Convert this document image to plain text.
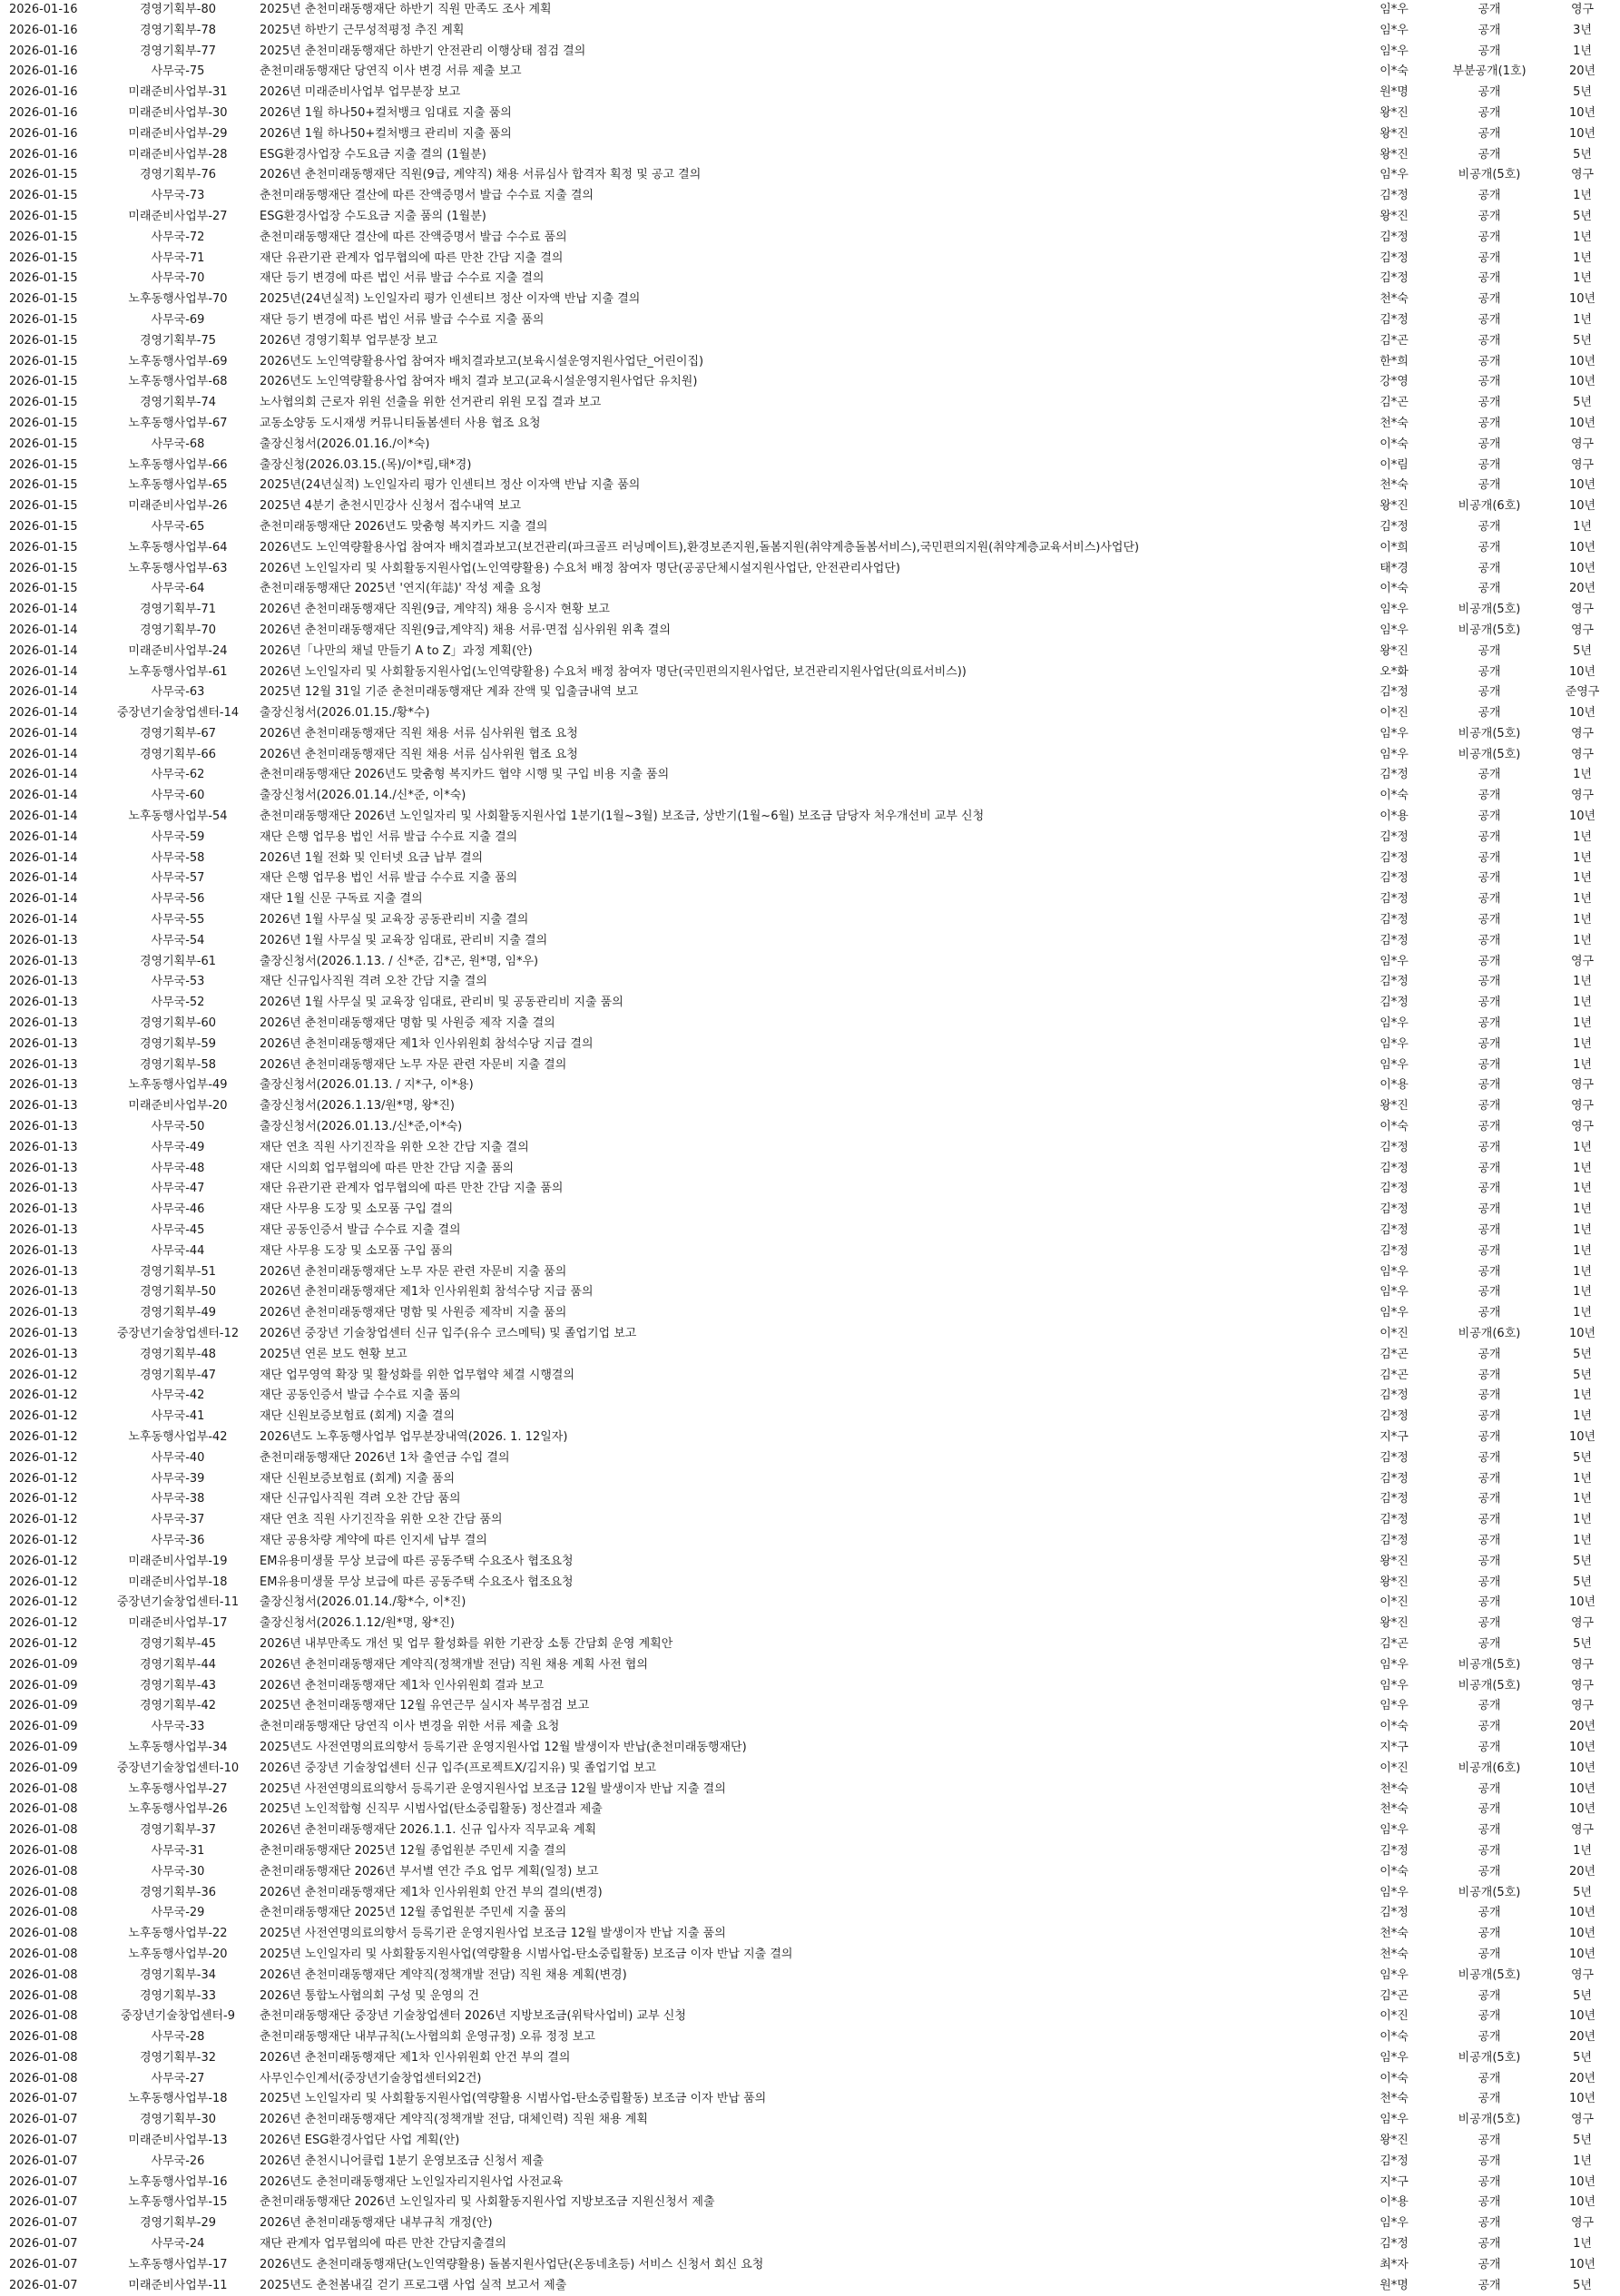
2026-01-16	경영기획부-80	2025년 춘천미래동행재단 하반기 직원 만족도 조사 계획	임*우	공개	영구
2026-01-16	경영기획부-78	2025년 하반기 근무성적평정 추진 계획	임*우	공개	3년
2026-01-16	경영기획부-77	2025년 춘천미래동행재단 하반기 안전관리 이행상태 점검 결의	임*우	공개	1년
2026-01-16	사무국-75	춘천미래동행재단 당연직 이사 변경 서류 제출 보고	이*숙	부분공개(1호)	20년
2026-01-16	미래준비사업부-31	2026년 미래준비사업부 업무분장 보고	원*명	공개	5년
2026-01-16	미래준비사업부-30	2026년 1월 하나50+컬처뱅크 임대료 지출 품의	왕*진	공개	10년
2026-01-16	미래준비사업부-29	2026년 1월 하나50+컬처뱅크 관리비 지출 품의	왕*진	공개	10년
2026-01-16	미래준비사업부-28	ESG환경사업장 수도요금 지출 결의 (1월분)	왕*진	공개	5년
2026-01-15	경영기획부-76	2026년 춘천미래동행재단 직원(9급, 계약직) 채용 서류심사 합격자 획정 및 공고 결의	임*우	비공개(5호)	영구
2026-01-15	사무국-73	춘천미래동행재단 결산에 따른 잔액증명서 발급 수수료 지출 결의	김*정	공개	1년
2026-01-15	미래준비사업부-27	ESG환경사업장 수도요금 지출 품의 (1월분)	왕*진	공개	5년
2026-01-15	사무국-72	춘천미래동행재단 결산에 따른 잔액증명서 발급 수수료 품의	김*정	공개	1년
2026-01-15	사무국-71	재단 유관기관 관계자 업무협의에 따른 만찬 간담 지출 결의	김*정	공개	1년
2026-01-15	사무국-70	재단 등기 변경에 따른 법인 서류 발급 수수료 지출 결의	김*정	공개	1년
2026-01-15	노후동행사업부-70	2025년(24년실적) 노인일자리 평가 인센티브 정산 이자액 반납 지출 결의	천*숙	공개	10년
2026-01-15	사무국-69	재단 등기 변경에 따른 법인 서류 발급 수수료 지출 품의	김*정	공개	1년
2026-01-15	경영기획부-75	2026년 경영기획부 업무분장 보고	김*곤	공개	5년
2026-01-15	노후동행사업부-69	2026년도 노인역량활용사업 참여자 배치결과보고(보육시설운영지원사업단_어린이집)	한*희	공개	10년
2026-01-15	노후동행사업부-68	2026년도 노인역량활용사업 참여자 배치 결과 보고(교육시설운영지원사업단 유치원)	강*영	공개	10년
2026-01-15	경영기획부-74	노사협의회 근로자 위원 선출을 위한 선거관리 위원 모집 결과 보고	김*곤	공개	5년
2026-01-15	노후동행사업부-67	교동소양동 도시재생 커뮤니티돌봄센터 사용 협조 요청	천*숙	공개	10년
2026-01-15	사무국-68	출장신청서(2026.01.16./이*숙)	이*숙	공개	영구
2026-01-15	노후동행사업부-66	출장신청(2026.03.15.(목)/이*림,태*경)	이*림	공개	영구
2026-01-15	노후동행사업부-65	2025년(24년실적) 노인일자리 평가 인센티브 정산 이자액 반납 지출 품의	천*숙	공개	10년
2026-01-15	미래준비사업부-26	2025년 4분기 춘천시민강사 신청서 접수내역 보고	왕*진	비공개(6호)	10년
2026-01-15	사무국-65	춘천미래동행재단 2026년도 맞춤형 복지카드 지출 결의	김*정	공개	1년
2026-01-15	노후동행사업부-64	2026년도 노인역량활용사업 참여자 배치결과보고(보건관리(파크골프 러닝메이트),환경보존지원,돌봄지원(취약계층돌봄서비스),국민편의지원(취약계층교육서비스)사업단)	이*희	공개	10년
2026-01-15	노후동행사업부-63	2026년 노인일자리 및 사회활동지원사업(노인역량활용) 수요처 배정 참여자 명단(공공단체시설지원사업단, 안전관리사업단)	태*경	공개	10년
2026-01-15	사무국-64	춘천미래동행재단 2025년 '연지(年誌)' 작성 제출 요청	이*숙	공개	20년
2026-01-14	경영기획부-71	2026년 춘천미래동행재단 직원(9급, 계약직) 채용 응시자 현황 보고	임*우	비공개(5호)	영구
2026-01-14	경영기획부-70	2026년 춘천미래동행재단 직원(9급,계약직) 채용 서류·면접 심사위원 위촉 결의	임*우	비공개(5호)	영구
2026-01-14	미래준비사업부-24	2026년「나만의 채널 만들기 A to Z」과정 계획(안)	왕*진	공개	5년
2026-01-14	노후동행사업부-61	2026년 노인일자리 및 사회활동지원사업(노인역량활용) 수요처 배정 참여자 명단(국민편의지원사업단, 보건관리지원사업단(의료서비스))	오*화	공개	10년
2026-01-14	사무국-63	2025년 12월 31일 기준 춘천미래동행재단 계좌 잔액 및 입출금내역 보고	김*정	공개	준영구
2026-01-14	중장년기술창업센터-14	출장신청서(2026.01.15./황*수)	이*진	공개	10년
2026-01-14	경영기획부-67	2026년 춘천미래동행재단 직원 채용 서류 심사위원 협조 요청	임*우	비공개(5호)	영구
2026-01-14	경영기획부-66	2026년 춘천미래동행재단 직원 채용 서류 심사위원 협조 요청	임*우	비공개(5호)	영구
2026-01-14	사무국-62	춘천미래동행재단 2026년도 맞춤형 복지카드 협약 시행 및 구입 비용 지출 품의	김*정	공개	1년
2026-01-14	사무국-60	출장신청서(2026.01.14./신*준, 이*숙)	이*숙	공개	영구
2026-01-14	노후동행사업부-54	춘천미래동행재단 2026년 노인일자리 및 사회활동지원사업 1분기(1월~3월) 보조금, 상반기(1월~6월) 보조금 담당자 처우개선비 교부 신청	이*용	공개	10년
2026-01-14	사무국-59	재단 은행 업무용 법인 서류 발급 수수료 지출 결의	김*정	공개	1년
2026-01-14	사무국-58	2026년 1월 전화 및 인터넷 요금 납부 결의	김*정	공개	1년
2026-01-14	사무국-57	재단 은행 업무용 법인 서류 발급 수수료 지출 품의	김*정	공개	1년
2026-01-14	사무국-56	재단 1월 신문 구독료 지출 결의	김*정	공개	1년
2026-01-14	사무국-55	2026년 1월 사무실 및 교육장 공동관리비 지출 결의	김*정	공개	1년
2026-01-13	사무국-54	2026년 1월 사무실 및 교육장 임대료, 관리비 지출 결의	김*정	공개	1년
2026-01-13	경영기획부-61	출장신청서(2026.1.13. / 신*준, 김*곤, 원*명, 임*우)	임*우	공개	영구
2026-01-13	사무국-53	재단 신규입사직원 격려 오찬 간담 지출 결의	김*정	공개	1년
2026-01-13	사무국-52	2026년 1월 사무실 및 교육장 임대료, 관리비 및 공동관리비 지출 품의	김*정	공개	1년
2026-01-13	경영기획부-60	2026년 춘천미래동행재단 명함 및 사원증 제작 지출 결의	임*우	공개	1년
2026-01-13	경영기획부-59	2026년 춘천미래동행재단 제1차 인사위원회 참석수당 지급 결의	임*우	공개	1년
2026-01-13	경영기획부-58	2026년 춘천미래동행재단 노무 자문 관련 자문비 지출 결의	임*우	공개	1년
2026-01-13	노후동행사업부-49	출장신청서(2026.01.13. / 지*구, 이*용)	이*용	공개	영구
2026-01-13	미래준비사업부-20	출장신청서(2026.1.13/원*명, 왕*진)	왕*진	공개	영구
2026-01-13	사무국-50	출장신청서(2026.01.13./신*준,이*숙)	이*숙	공개	영구
2026-01-13	사무국-49	재단 연초 직원 사기진작을 위한 오찬 간담 지출 결의	김*정	공개	1년
2026-01-13	사무국-48	재단 시의회 업무협의에 따른 만찬 간담 지출 품의	김*정	공개	1년
2026-01-13	사무국-47	재단 유관기관 관계자 업무협의에 따른 만찬 간담 지출 품의	김*정	공개	1년
2026-01-13	사무국-46	재단 사무용 도장 및 소모품 구입 결의	김*정	공개	1년
2026-01-13	사무국-45	재단 공동인증서 발급 수수료 지출 결의	김*정	공개	1년
2026-01-13	사무국-44	재단 사무용 도장 및 소모품 구입 품의	김*정	공개	1년
2026-01-13	경영기획부-51	2026년 춘천미래동행재단 노무 자문 관련 자문비 지출 품의	임*우	공개	1년
2026-01-13	경영기획부-50	2026년 춘천미래동행재단 제1차 인사위원회 참석수당 지급 품의	임*우	공개	1년
2026-01-13	경영기획부-49	2026년 춘천미래동행재단 명함 및 사원증 제작비 지출 품의	임*우	공개	1년
2026-01-13	중장년기술창업센터-12	2026년 중장년 기술창업센터 신규 입주(유수 코스메틱) 및 졸업기업 보고	이*진	비공개(6호)	10년
2026-01-13	경영기획부-48	2025년 연론 보도 현황 보고	김*곤	공개	5년
2026-01-12	경영기획부-47	재단 업무영역 확장 및 활성화를 위한 업무협약 체결 시행결의	김*곤	공개	5년
2026-01-12	사무국-42	재단 공동인증서 발급 수수료 지출 품의	김*정	공개	1년
2026-01-12	사무국-41	재단 신원보증보험료 (회계) 지출 결의	김*정	공개	1년
2026-01-12	노후동행사업부-42	2026년도 노후동행사업부 업무분장내역(2026. 1. 12일자)	지*구	공개	10년
2026-01-12	사무국-40	춘천미래동행재단 2026년 1차 출연금 수입 결의	김*정	공개	5년
2026-01-12	사무국-39	재단 신원보증보험료 (회계) 지출 품의	김*정	공개	1년
2026-01-12	사무국-38	재단 신규입사직원 격려 오찬 간담 품의	김*정	공개	1년
2026-01-12	사무국-37	재단 연초 직원 사기진작을 위한 오찬 간담 품의	김*정	공개	1년
2026-01-12	사무국-36	재단 공용차량 계약에 따른 인지세 납부 결의	김*정	공개	1년
2026-01-12	미래준비사업부-19	EM유용미생물 무상 보급에 따른 공동주택 수요조사 협조요청	왕*진	공개	5년
2026-01-12	미래준비사업부-18	EM유용미생물 무상 보급에 따른 공동주택 수요조사 협조요청	왕*진	공개	5년
2026-01-12	중장년기술창업센터-11	출장신청서(2026.01.14./황*수, 이*진)	이*진	공개	10년
2026-01-12	미래준비사업부-17	출장신청서(2026.1.12/원*명, 왕*진)	왕*진	공개	영구
2026-01-12	경영기획부-45	2026년 내부만족도 개선 및 업무 활성화를 위한 기관장 소통 간담회 운영 계획안	김*곤	공개	5년
2026-01-09	경영기획부-44	2026년 춘천미래동행재단 계약직(정책개발 전담) 직원 채용 계획 사전 협의	임*우	비공개(5호)	영구
2026-01-09	경영기획부-43	2026년 춘천미래동행재단 제1차 인사위원회 결과 보고	임*우	비공개(5호)	영구
2026-01-09	경영기획부-42	2025년 춘천미래동행재단 12월 유연근무 실시자 복무점검 보고	임*우	공개	영구
2026-01-09	사무국-33	춘천미래동행재단 당연직 이사 변경을 위한 서류 제출 요청	이*숙	공개	20년
2026-01-09	노후동행사업부-34	2025년도 사전연명의료의향서 등록기관 운영지원사업 12월 발생이자 반납(춘천미래동행재단)	지*구	공개	10년
2026-01-09	중장년기술창업센터-10	2026년 중장년 기술창업센터 신규 입주(프로젝트X/김지유) 및 졸업기업 보고	이*진	비공개(6호)	10년
2026-01-08	노후동행사업부-27	2025년 사전연명의료의향서 등록기관 운영지원사업 보조금 12월 발생이자 반납 지출 결의	천*숙	공개	10년
2026-01-08	노후동행사업부-26	2025년 노인적합형 신직무 시범사업(탄소중립활동) 정산결과 제출	천*숙	공개	10년
2026-01-08	경영기획부-37	2026년 춘천미래동행재단 2026.1.1. 신규 입사자 직무교육 계획	임*우	공개	영구
2026-01-08	사무국-31	춘천미래동행재단 2025년 12월 종업원분 주민세 지출 결의	김*정	공개	1년
2026-01-08	사무국-30	춘천미래동행재단 2026년 부서별 연간 주요 업무 계획(일정) 보고	이*숙	공개	20년
2026-01-08	경영기획부-36	2026년 춘천미래동행재단 제1차 인사위원회 안건 부의 결의(변경)	임*우	비공개(5호)	5년
2026-01-08	사무국-29	춘천미래동행재단 2025년 12월 종업원분 주민세 지출 품의	김*정	공개	10년
2026-01-08	노후동행사업부-22	2025년 사전연명의료의향서 등록기관 운영지원사업 보조금 12월 발생이자 반납 지출 품의	천*숙	공개	10년
2026-01-08	노후동행사업부-20	2025년 노인일자리 및 사회활동지원사업(역량활용 시범사업-탄소중립활동) 보조금 이자 반납 지출 결의	천*숙	공개	10년
2026-01-08	경영기획부-34	2026년 춘천미래동행재단 계약직(정책개발 전담) 직원 채용 계획(변경)	임*우	비공개(5호)	영구
2026-01-08	경영기획부-33	2026년 통합노사협의회 구성 및 운영의 건	김*곤	공개	5년
2026-01-08	중장년기술창업센터-9	춘천미래동행재단 중장년 기술창업센터 2026년 지방보조금(위탁사업비) 교부 신청	이*진	공개	10년
2026-01-08	사무국-28	춘천미래동행재단 내부규칙(노사협의회 운영규정) 오류 정정 보고	이*숙	공개	20년
2026-01-08	경영기획부-32	2026년 춘천미래동행재단 제1차 인사위원회 안건 부의 결의	임*우	비공개(5호)	5년
2026-01-08	사무국-27	사무인수인계서(중장년기술창업센터외2건)	이*숙	공개	20년
2026-01-07	노후동행사업부-18	2025년 노인일자리 및 사회활동지원사업(역량활용 시범사업-탄소중립활동) 보조금 이자 반납 품의	천*숙	공개	10년
2026-01-07	경영기획부-30	2026년 춘천미래동행재단 계약직(정책개발 전담, 대체인력) 직원 채용 계획	임*우	비공개(5호)	영구
2026-01-07	미래준비사업부-13	2026년 ESG환경사업단 사업 계획(안)	왕*진	공개	5년
2026-01-07	사무국-26	2026년 춘천시니어클럽 1분기 운영보조금 신청서 제출	김*정	공개	1년
2026-01-07	노후동행사업부-16	2026년도 춘천미래동행재단 노인일자리지원사업 사전교육	지*구	공개	10년
2026-01-07	노후동행사업부-15	춘천미래동행재단 2026년 노인일자리 및 사회활동지원사업 지방보조금 지원신청서 제출	이*용	공개	10년
2026-01-07	경영기획부-29	2026년 춘천미래동행재단 내부규칙 개정(안)	임*우	공개	영구
2026-01-07	사무국-24	재단 관계자 업무협의에 따른 만찬 간담지출결의	김*정	공개	1년
2026-01-07	노후동행사업부-17	2026년도 춘천미래동행재단(노인역량활용) 돌봄지원사업단(온동네초등) 서비스 신청서 회신 요청	최*자	공개	10년
2026-01-07	미래준비사업부-11	2025년도 춘천봄내길 걷기 프로그램 사업 실적 보고서 제출	원*명	공개	5년
